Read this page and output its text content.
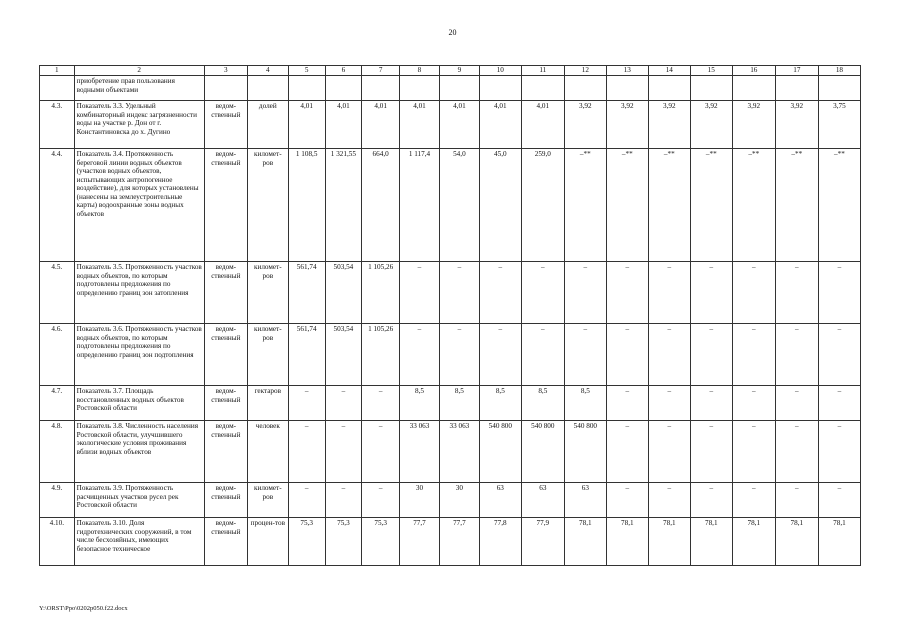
20
1	2	3	4	5	6	7	8	9	10	11	12	13	14	15	16	17	18
	приобретение прав пользования водными объектами																
4.3.	Показатель 3.3. Удельный комбинаторный индекс загрязненности воды на участке р. Дон от г. Константиновска до х. Дугино	ведом-ственный	долей	4,01	4,01	4,01	4,01	4,01	4,01	4,01	3,92	3,92	3,92	3,92	3,92	3,92	3,75
4.4.	Показатель 3.4. Протяженность береговой линии водных объектов (участков водных объектов, испытывающих антропогенное воздействие), для которых установлены (нанесены на землеустроительные карты) водоохранные зоны водных объектов	ведом-ственный	километ-ров	1 108,5	1 321,55	664,0	1 117,4	54,0	45,0	259,0	–**	–**	–**	–**	–**	–**	–**
4.5.	Показатель 3.5. Протяженность участков водных объектов, по которым подготовлены предложения по определению границ зон затопления	ведом-ственный	километ-ров	561,74	503,54	1 105,26	–	–	–	–	–	–	–	–	–	–	–
4.6.	Показатель 3.6. Протяженность участков водных объектов, по которым подготовлены предложения по определению границ зон подтопления	ведом-ственный	километ-ров	561,74	503,54	1 105,26	–	–	–	–	–	–	–	–	–	–	–
4.7.	Показатель 3.7. Площадь восстановленных водных объектов Ростовской области	ведом-ственный	гектаров	–	–	–	8,5	8,5	8,5	8,5	8,5	–	–	–	–	–	–
4.8.	Показатель 3.8. Численность населения Ростовской области, улучшившего экологические условия проживания вблизи водных объектов	ведом-ственный	человек	–	–	–	33 063	33 063	540 800	540 800	540 800	–	–	–	–	–	–
4.9.	Показатель 3.9. Протяженность расчищенных участков русел рек Ростовской области	ведом-ственный	километ-ров	–	–	–	30	30	63	63	63	–	–	–	–	–	–
4.10.	Показатель 3.10. Доля гидротехнических сооружений, в том числе бесхозяйных, имеющих безопасное техническое	ведом-ственный	процен-тов	75,3	75,3	75,3	77,7	77,7	77,8	77,9	78,1	78,1	78,1	78,1	78,1	78,1	78,1
Y:\ORST\Ppo\0202p050.f22.docx
